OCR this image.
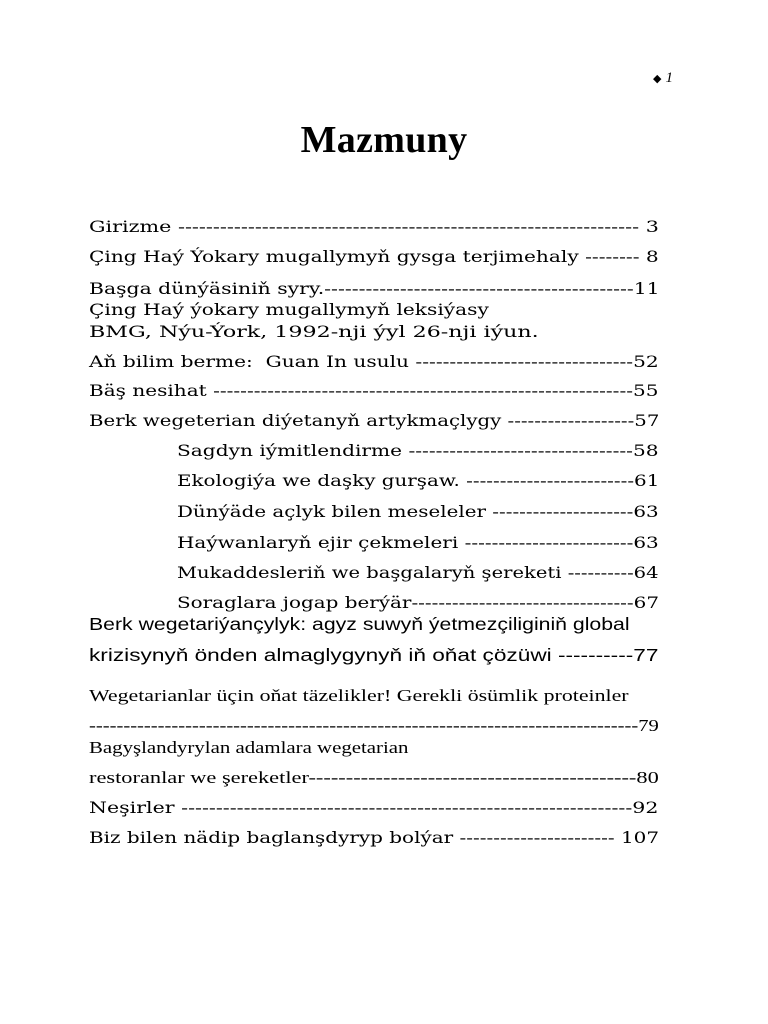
◆ 1
Mazmuny
Girizme ------------------------------------------------------------------ 3
Çing Haý Ýokary mugallymyň gysga terjimehaly -------- 8
Başga dünýäsiniň syry.---------------------------------------------11
Çing Haý ýokary mugallymyň leksiýasy
BMG, Nýu-Ýork, 1992-nji ýyl 26-nji iýun.
Aň bilim berme:  Guan In usulu --------------------------------52
Bäş nesihat --------------------------------------------------------------55
Berk wegeterian diýetanyň artykmaçlygy -------------------57
Sagdyn iýmitlendirme ---------------------------------58
Ekologiýa we daşky gurşaw. -------------------------61
Dünýäde açlyk bilen meseleler ---------------------63
Haýwanlaryň ejir çekmeleri -------------------------63
Mukaddesleriň we başgalaryň şereketi ----------64
Soraglara jogap berýär---------------------------------67
Berk wegetariýançylyk: agyz suwyň ýetmezçiliginiň global
krizisynyň önden almaglygynyň iň oňat çözüwi ----------77
Wegetarianlar üçin oňat täzelikler! Gerekli ösümlik proteinler
--------------------------------------------------------------------------------79
Bagyşlandyrylan adamlara wegetarian
restoranlar we şereketler--------------------------------------------80
Neşirler -----------------------------------------------------------------92
Biz bilen nädip baglanşdyryp bolýar ----------------------- 107
